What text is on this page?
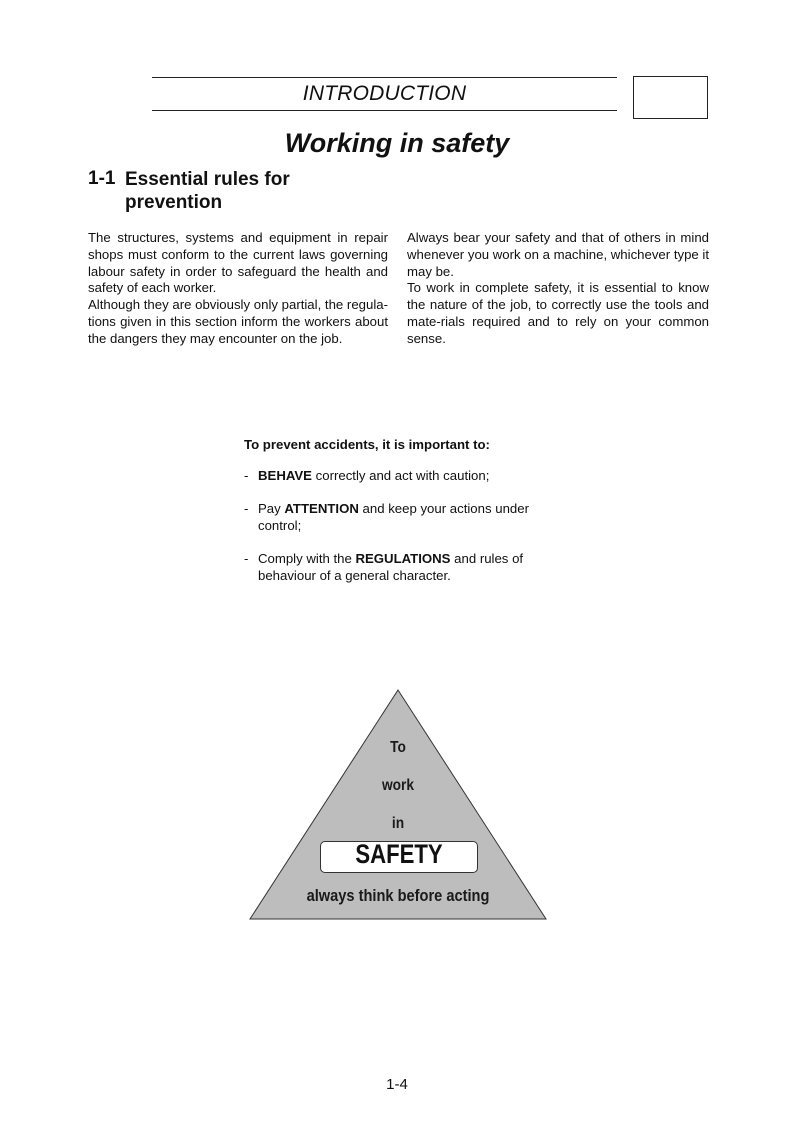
INTRODUCTION
Working in safety
1-1 Essential rules for
prevention

The structures, systems and equipment in repair shops must conform to the current laws governing labour safety in order to safeguard the health and safety of each worker.

Although they are obviously only partial, the regula-tions given in this section inform the workers about the dangers they may encounter on the job.

Always bear your safety and that of others in mind whenever you work on a machine, whichever type it may be.

To work in complete safety, it is essential to know the nature of the job, to correctly use the tools and mate-rials required and to rely on your common sense.

To prevent accidents, it is important to:

- BEHAVE correctly and act with caution;
- Pay ATTENTION and keep your actions under control;
- Comply with the REGULATIONS and rules of behaviour of a general character.
To
work
in
SAFETY
always think before acting
1-4
